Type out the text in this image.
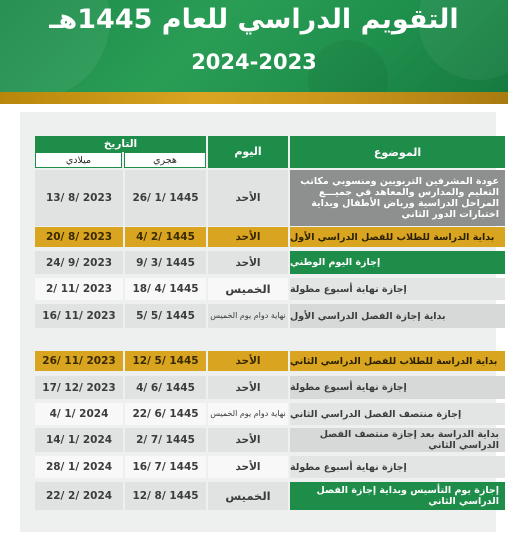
التقويم الدراسي للعام 1445هـ
2024-2023
الموضوع
اليوم
التاريخ
هجري
ميلادي
عودة المشرفين التربويين ومنسوبي مكاتب التعليم والمدارس والمعاهد في جميـــع المراحل الدراسية ورياض الأطفال وبداية اختبارات الدور الثاني
الأحد
26/ 1/ 1445
13/ 8/ 2023
بداية الدراسة للطلاب للفصل الدراسي الأول
الأحد
4/ 2/ 1445
20/ 8/ 2023
إجازة اليوم الوطني
الأحد
9/ 3/ 1445
24/ 9/ 2023
إجازة نهاية أسبوع مطولة
الخميس
18/ 4/ 1445
2/ 11/ 2023
بداية إجازة الفصل الدراسي الأول
نهاية دوام يوم الخميس
5/ 5/ 1445
16/ 11/ 2023
بداية الدراسة للطلاب للفصل الدراسي الثاني
الأحد
12/ 5/ 1445
26/ 11/ 2023
إجازة نهاية أسبوع مطولة
الأحد
4/ 6/ 1445
17/ 12/ 2023
إجازة منتصف الفصل الدراسي الثاني
نهاية دوام يوم الخميس
22/ 6/ 1445
4/ 1/ 2024
بداية الدراسة بعد إجازة منتصف الفصل الدراسي الثاني
الأحد
2/ 7/ 1445
14/ 1/ 2024
إجازة نهاية أسبوع مطولة
الأحد
16/ 7/ 1445
28/ 1/ 2024
إجازة يوم التأسيس وبداية إجازة الفصل الدراسي الثاني
الخميس
12/ 8/ 1445
22/ 2/ 2024
